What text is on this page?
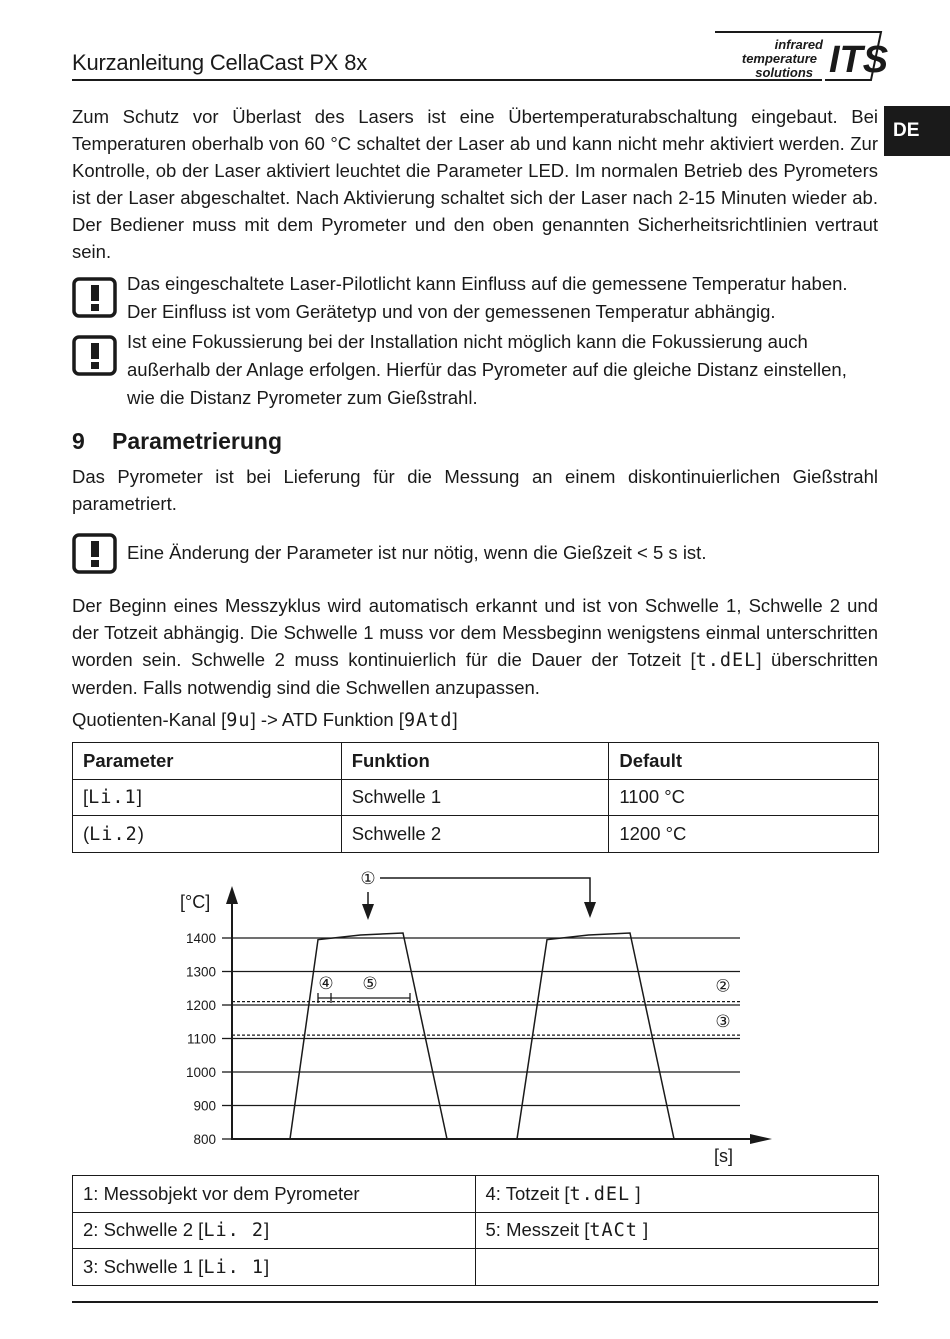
Kurzanleitung CellaCast PX 8x
infrared
temperature
solutions ITS
DE
Zum Schutz vor Überlast des Lasers ist eine Übertemperaturabschaltung eingebaut. Bei Temperaturen oberhalb von 60 °C schaltet der Laser ab und kann nicht mehr aktiviert werden. Zur Kontrolle, ob der Laser aktiviert leuchtet die Parameter LED. Im normalen Betrieb des Pyrometers ist der Laser abgeschaltet. Nach Aktivierung schaltet sich der Laser nach 2-15 Minuten wieder ab. Der Bediener muss mit dem Pyrometer und den oben genannten Sicherheitsrichtlinien vertraut sein.
Das eingeschaltete Laser-Pilotlicht kann Einfluss auf die gemessene Temperatur haben. Der Einfluss ist vom Gerätetyp und von der gemessenen Temperatur abhängig.
Ist eine Fokussierung bei der Installation nicht möglich kann die Fokussierung auch außerhalb der Anlage erfolgen. Hierfür das Pyrometer auf die gleiche Distanz einstellen, wie die Distanz Pyrometer zum Gießstrahl.
9 Parametrierung
Das Pyrometer ist bei Lieferung für die Messung an einem diskontinuierlichen Gießstrahl parametriert.
Eine Änderung der Parameter ist nur nötig, wenn die Gießzeit < 5 s ist.
Der Beginn eines Messzyklus wird automatisch erkannt und ist von Schwelle 1, Schwelle 2 und der Totzeit abhängig. Die Schwelle 1 muss vor dem Messbeginn wenigstens einmal unterschritten worden sein. Schwelle 2 muss kontinuierlich für die Dauer der Totzeit [t.dEL] überschritten werden. Falls notwendig sind die Schwellen anzupassen.
Quotienten-Kanal [9u] -> ATD Funktion [9Atd]
Parameter	Funktion	Default
[Li.1]	Schwelle 1	1100 °C
(Li.2)	Schwelle 2	1200 °C
[°C]
[s]
800
900
1000
1100
1200
1300
1400
②
③
①
④ ⑤
1: Messobjekt vor dem Pyrometer	4: Totzeit [t.dEL ]
2: Schwelle 2 [Li. 2]	5: Messzeit [tACt ]
3: Schwelle 1 [Li. 1]	
